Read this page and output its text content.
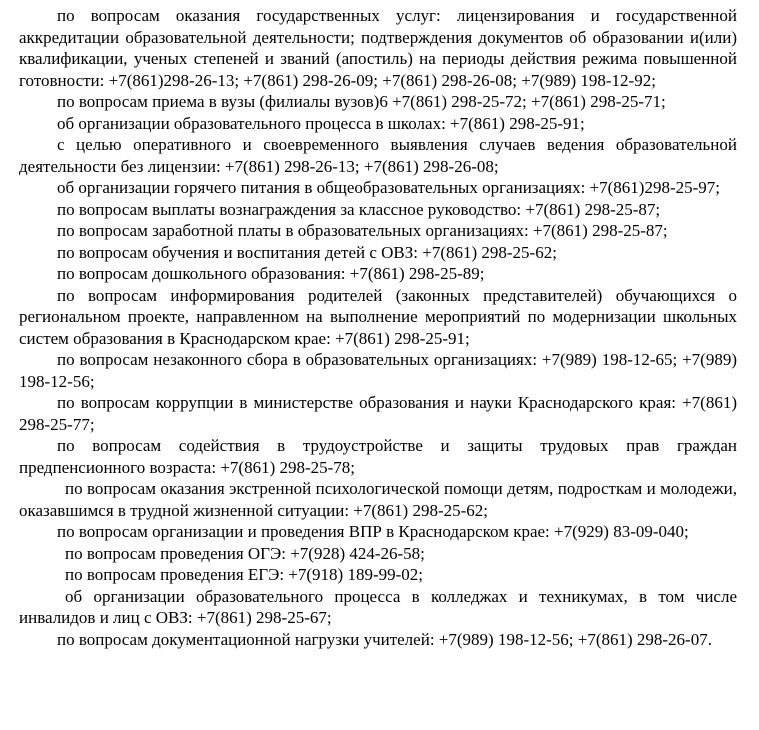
по вопросам оказания государственных услуг: лицензирования и государственной аккредитации образовательной деятельности; подтверждения документов об образовании и(или) квалификации, ученых степеней и званий (апостиль) на периоды действия режима повышенной готовности: +7(861)298-26-13; +7(861) 298-26-09; +7(861) 298-26-08; +7(989) 198-12-92;

по вопросам приема в вузы (филиалы вузов)6 +7(861) 298-25-72; +7(861) 298-25-71;

об организации образовательного процесса в школах: +7(861) 298-25-91;

с целью оперативного и своевременного выявления случаев ведения образовательной деятельности без лицензии: +7(861) 298-26-13; +7(861) 298-26-08;

об организации горячего питания в общеобразовательных организациях: +7(861)298-25-97;

по вопросам выплаты вознаграждения за классное руководство: +7(861) 298-25-87;

по вопросам заработной платы в образовательных организациях: +7(861) 298-25-87;

по вопросам обучения и воспитания детей с ОВЗ: +7(861) 298-25-62;

по вопросам дошкольного образования: +7(861) 298-25-89;

по вопросам информирования родителей (законных представителей) обучающихся о региональном проекте, направленном на выполнение мероприятий по модернизации школьных систем образования в Краснодарском крае: +7(861) 298-25-91;

по вопросам незаконного сбора в образовательных организациях: +7(989) 198-12-65; +7(989) 198-12-56;

по вопросам коррупции в министерстве образования и науки Краснодарского края: +7(861) 298-25-77;

по вопросам содействия в трудоустройстве и защиты трудовых прав граждан предпенсионного возраста: +7(861) 298-25-78;

по вопросам оказания экстренной психологической помощи детям, подросткам и молодежи, оказавшимся в трудной жизненной ситуации: +7(861) 298-25-62;

по вопросам организации и проведения ВПР в Краснодарском крае: +7(929) 83-09-040;

по вопросам проведения ОГЭ: +7(928) 424-26-58;

по вопросам проведения ЕГЭ: +7(918) 189-99-02;

об организации образовательного процесса в колледжах и техникумах, в том числе инвалидов и лиц с ОВЗ: +7(861) 298-25-67;

по вопросам документационной нагрузки учителей: +7(989) 198-12-56; +7(861) 298-26-07.
